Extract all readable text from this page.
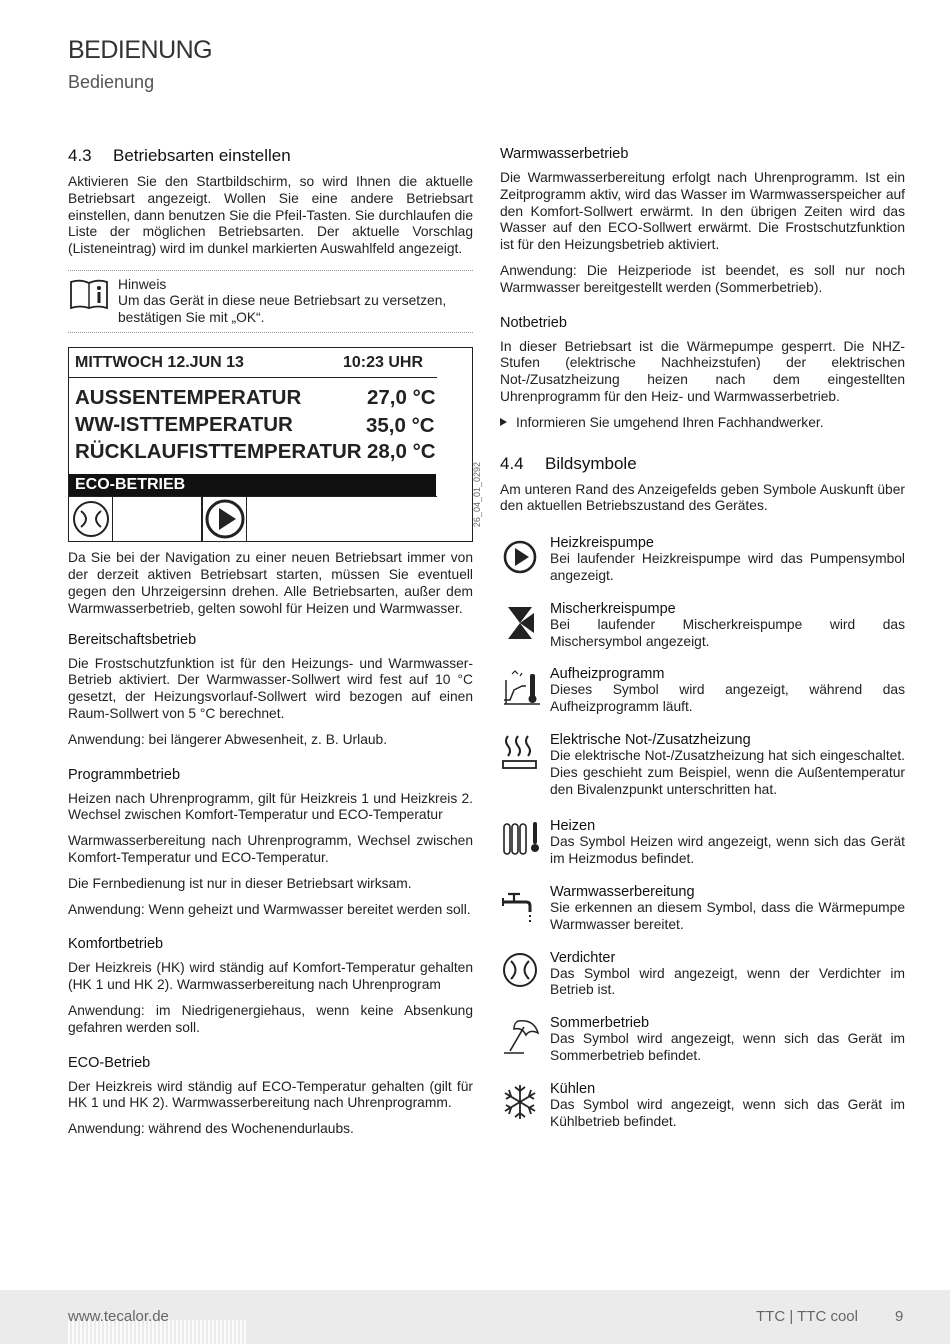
BEDIENUNG
Bedienung
4.3 Betriebsarten einstellen

Aktivieren Sie den Startbildschirm, so wird Ihnen die aktuelle Betriebsart angezeigt. Wollen Sie eine andere Betriebsart einstellen, dann benutzen Sie die Pfeil-Tasten. Sie durchlaufen die Liste der möglichen Betriebsarten. Der aktuelle Vorschlag (Listeneintrag) wird im dunkel markierten Auswahlfeld angezeigt.

Hinweis
Um das Gerät in diese neue Betriebsart zu versetzen, bestätigen Sie mit „OK“.
MITTWOCH 12.JUN 13	10:23 UHR
AUSSENTEMPERATUR	27,0 °C
WW-ISTTEMPERATUR	35,0 °C
RÜCKLAUFISTTEMPERATUR 28,0 °C
ECO-BETRIEB	26_04_01_0292

Da Sie bei der Navigation zu einer neuen Betriebsart immer von der derzeit aktiven Betriebsart starten, müssen Sie eventuell gegen den Uhrzeigersinn drehen. Alle Betriebsarten, außer dem Warmwasserbetrieb, gelten sowohl für Heizen und Warmwasser.

Bereitschaftsbetrieb

Die Frostschutzfunktion ist für den Heizungs- und Warmwasser-Betrieb aktiviert. Der Warmwasser-Sollwert wird fest auf 10 °C gesetzt, der Heizungsvorlauf-Sollwert wird bezogen auf einen Raum-Sollwert von 5 °C berechnet.

Anwendung: bei längerer Abwesenheit, z. B. Urlaub.

Programmbetrieb

Heizen nach Uhrenprogramm, gilt für Heizkreis 1 und Heizkreis 2. Wechsel zwischen Komfort-Temperatur und ECO-Temperatur

Warmwasserbereitung nach Uhrenprogramm, Wechsel zwischen Komfort-Temperatur und ECO-Temperatur.

Die Fernbedienung ist nur in dieser Betriebsart wirksam.

Anwendung: Wenn geheizt und Warmwasser bereitet werden soll.

Komfortbetrieb

Der Heizkreis (HK) wird ständig auf Komfort-Temperatur gehalten (HK 1 und HK 2). Warmwasserbereitung nach Uhrenprogram

Anwendung: im Niedrigenergiehaus, wenn keine Absenkung gefahren werden soll.

ECO-Betrieb

Der Heizkreis wird ständig auf ECO-Temperatur gehalten (gilt für HK 1 und HK 2). Warmwasserbereitung nach Uhrenprogramm.

Anwendung: während des Wochenendurlaubs.

Warmwasserbetrieb

Die Warmwasserbereitung erfolgt nach Uhrenprogramm. Ist ein Zeitprogramm aktiv, wird das Wasser im Warmwasserspeicher auf den Komfort-Sollwert erwärmt. In den übrigen Zeiten wird das Wasser auf den ECO-Sollwert erwärmt. Die Frostschutzfunktion ist für den Heizungsbetrieb aktiviert.

Anwendung: Die Heizperiode ist beendet, es soll nur noch Warmwasser bereitgestellt werden (Sommerbetrieb).

Notbetrieb

In dieser Betriebsart ist die Wärmepumpe gesperrt. Die NHZ-Stufen (elektrische Nachheizstufen) der elektrischen Not-/Zusatzheizung heizen nach dem eingestellten Uhrenprogramm für den Heiz- und Warmwasserbetrieb.

Informieren Sie umgehend Ihren Fachhandwerker.
4.4 Bildsymbole

Am unteren Rand des Anzeigefelds geben Symbole Auskunft über den aktuellen Betriebszustand des Gerätes.

Heizkreispumpe
Bei laufender Heizkreispumpe wird das Pumpensymbol angezeigt.
Mischerkreispumpe
Bei laufender Mischerkreispumpe wird das Mischersymbol angezeigt.
Aufheizprogramm
Dieses Symbol wird angezeigt, während das Aufheizprogramm läuft.
Elektrische Not-/Zusatzheizung
Die elektrische Not-/Zusatzheizung hat sich eingeschaltet. Dies geschieht zum Beispiel, wenn die Außentemperatur den Bivalenzpunkt unterschritten hat.
Heizen
Das Symbol Heizen wird angezeigt, wenn sich das Gerät im Heizmodus befindet.
Warmwasserbereitung
Sie erkennen an diesem Symbol, dass die Wärmepumpe Warmwasser bereitet.
Verdichter
Das Symbol wird angezeigt, wenn der Verdichter im Betrieb ist.
Sommerbetrieb
Das Symbol wird angezeigt, wenn sich das Gerät im Sommerbetrieb befindet.
Kühlen
Das Symbol wird angezeigt, wenn sich das Gerät im Kühlbetrieb befindet.
www.tecalor.de	TTC | TTC cool 9
